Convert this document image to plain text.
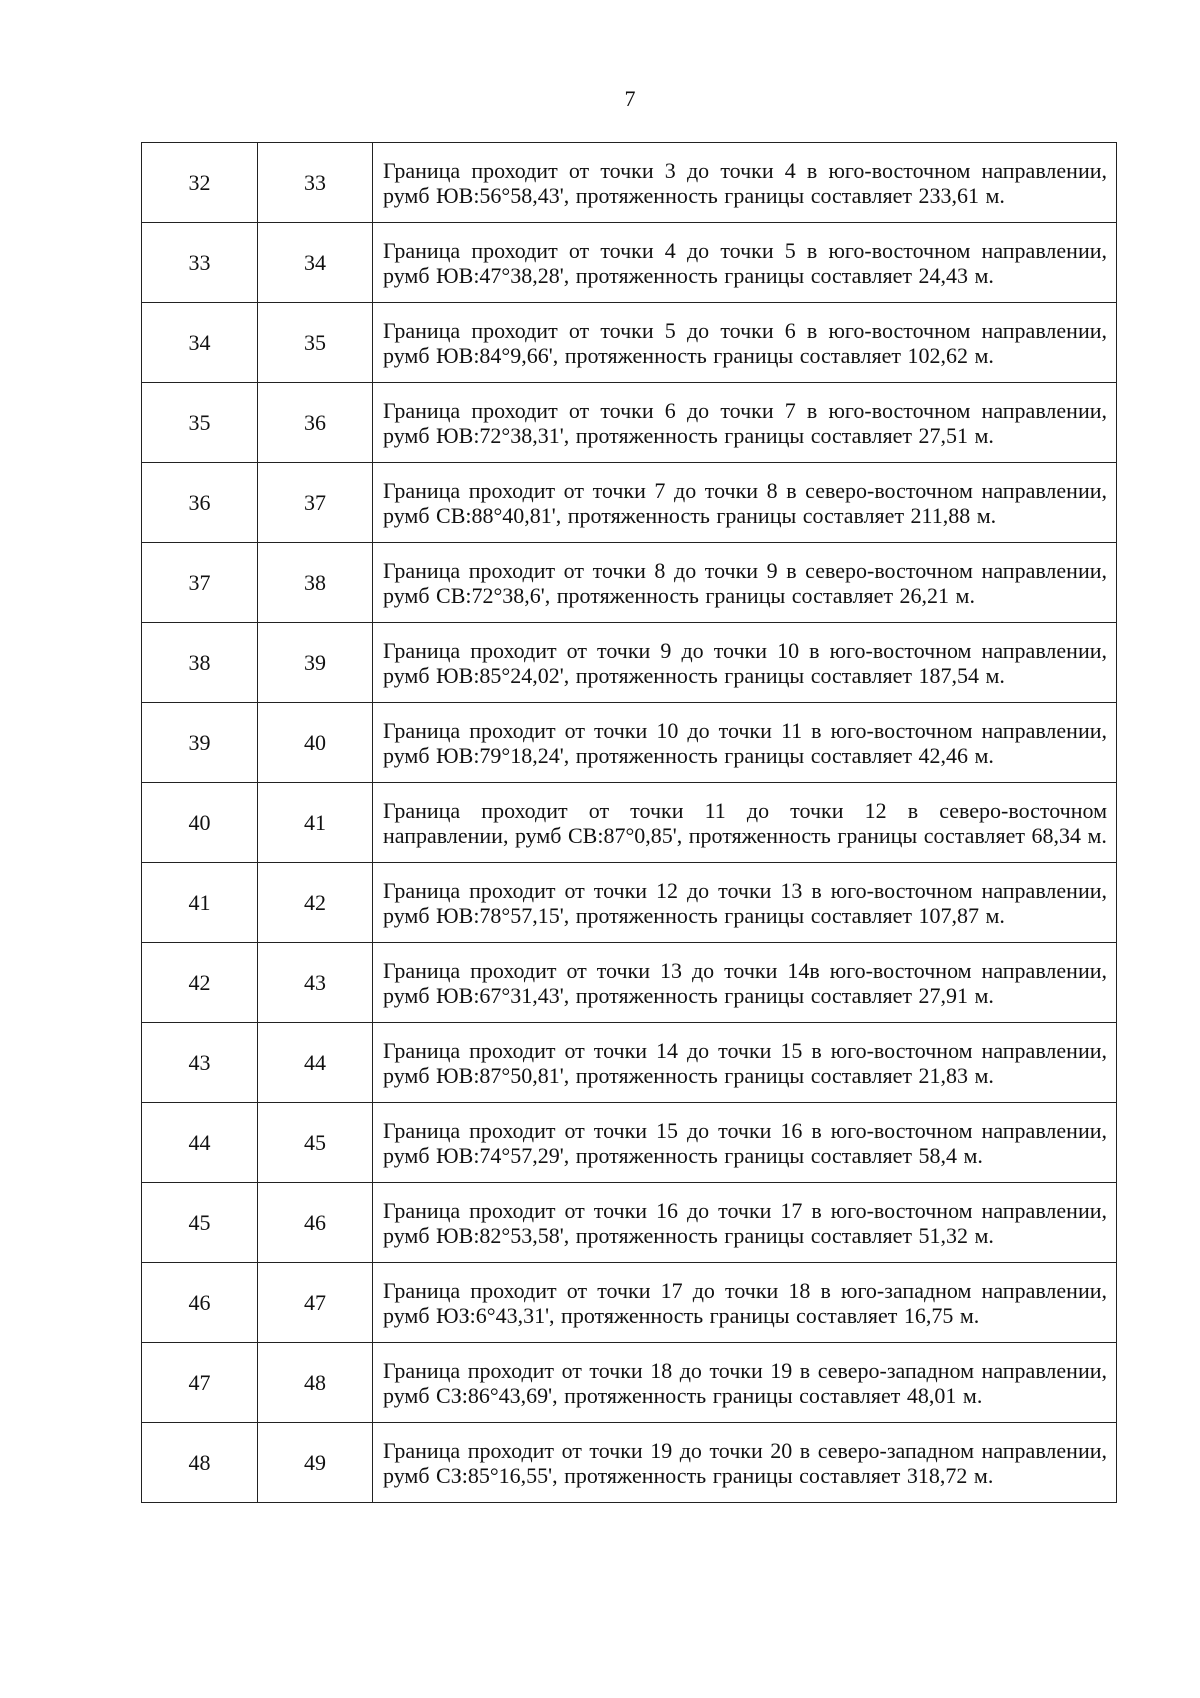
7
32	33	Граница проходит от точки 3 до точки 4 в юго-восточном направлении, румб ЮВ:56°58,43', протяженность границы составляет 233,61 м.
33	34	Граница проходит от точки 4 до точки 5 в юго-восточном направлении, румб ЮВ:47°38,28', протяженность границы составляет 24,43 м.
34	35	Граница проходит от точки 5 до точки 6 в юго-восточном направлении, румб ЮВ:84°9,66', протяженность границы составляет 102,62 м.
35	36	Граница проходит от точки 6 до точки 7 в юго-восточном направлении, румб ЮВ:72°38,31', протяженность границы составляет 27,51 м.
36	37	Граница проходит от точки 7 до точки 8 в северо-восточном направлении, румб СВ:88°40,81', протяженность границы составляет 211,88 м.
37	38	Граница проходит от точки 8 до точки 9 в северо-восточном направлении, румб СВ:72°38,6', протяженность границы составляет 26,21 м.
38	39	Граница проходит от точки 9 до точки 10 в юго-восточном направлении, румб ЮВ:85°24,02', протяженность границы составляет 187,54 м.
39	40	Граница проходит от точки 10 до точки 11 в юго-восточном направлении, румб ЮВ:79°18,24', протяженность границы составляет 42,46 м.
40	41	Граница проходит от точки 11 до точки 12 в северо-восточном направлении, румб СВ:87°0,85', протяженность границы составляет 68,34 м.
41	42	Граница проходит от точки 12 до точки 13 в юго-восточном направлении, румб ЮВ:78°57,15', протяженность границы составляет 107,87 м.
42	43	Граница проходит от точки 13 до точки 14в юго-восточном направлении, румб ЮВ:67°31,43', протяженность границы составляет 27,91 м.
43	44	Граница проходит от точки 14 до точки 15 в юго-восточном направлении, румб ЮВ:87°50,81', протяженность границы составляет 21,83 м.
44	45	Граница проходит от точки 15 до точки 16 в юго-восточном направлении, румб ЮВ:74°57,29', протяженность границы составляет 58,4 м.
45	46	Граница проходит от точки 16 до точки 17 в юго-восточном направлении, румб ЮВ:82°53,58', протяженность границы составляет 51,32 м.
46	47	Граница проходит от точки 17 до точки 18 в юго-западном направлении, румб ЮЗ:6°43,31', протяженность границы составляет 16,75 м.
47	48	Граница проходит от точки 18 до точки 19 в северо-западном направлении, румб СЗ:86°43,69', протяженность границы составляет 48,01 м.
48	49	Граница проходит от точки 19 до точки 20 в северо-западном направлении, румб СЗ:85°16,55', протяженность границы составляет 318,72 м.
